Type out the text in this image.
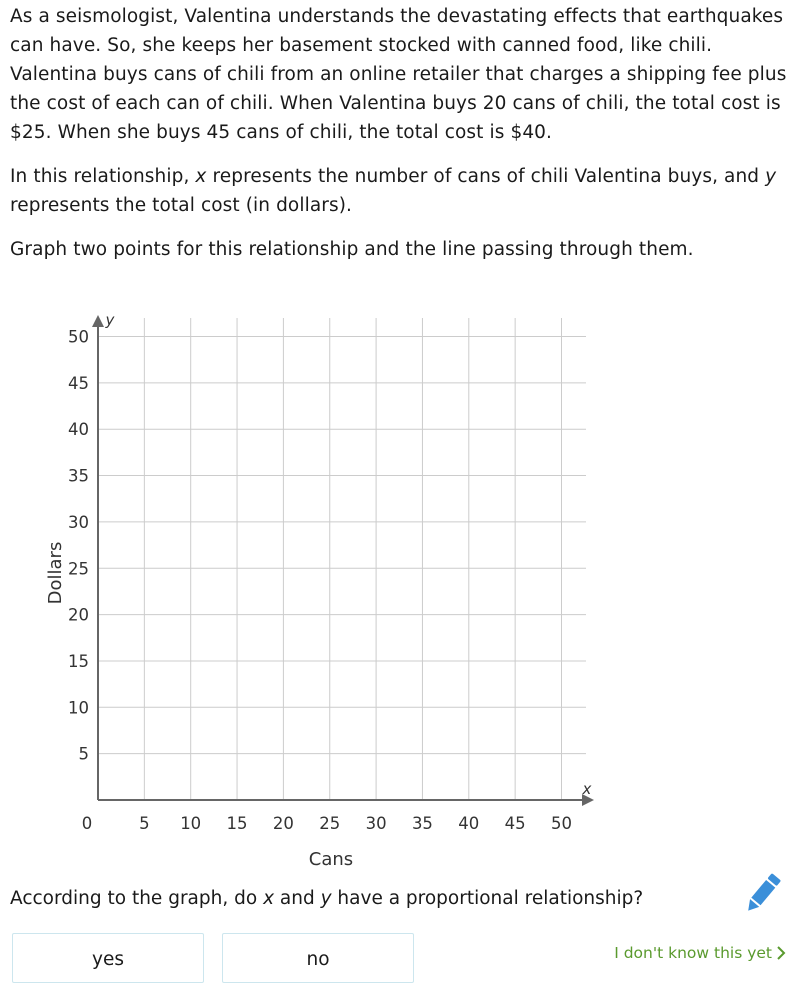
As a seismologist, Valentina understands the devastating effects that earthquakes can have. So, she keeps her basement stocked with canned food, like chili. Valentina buys cans of chili from an online retailer that charges a shipping fee plus the cost of each can of chili. When Valentina buys 20 cans of chili, the total cost is $25. When she buys 45 cans of chili, the total cost is $40.

In this relationship, x represents the number of cans of chili Valentina buys, and y represents the total cost (in dollars).

Graph two points for this relationship and the line passing through them.

5 10 15 20 25 30 35 40 45 50
5
10
15
20
25
30
35
40
45
50
0
x
y
Cans
Dollars
According to the graph, do x and y have a proportional relationship?
yes	no	I don't know this yet
